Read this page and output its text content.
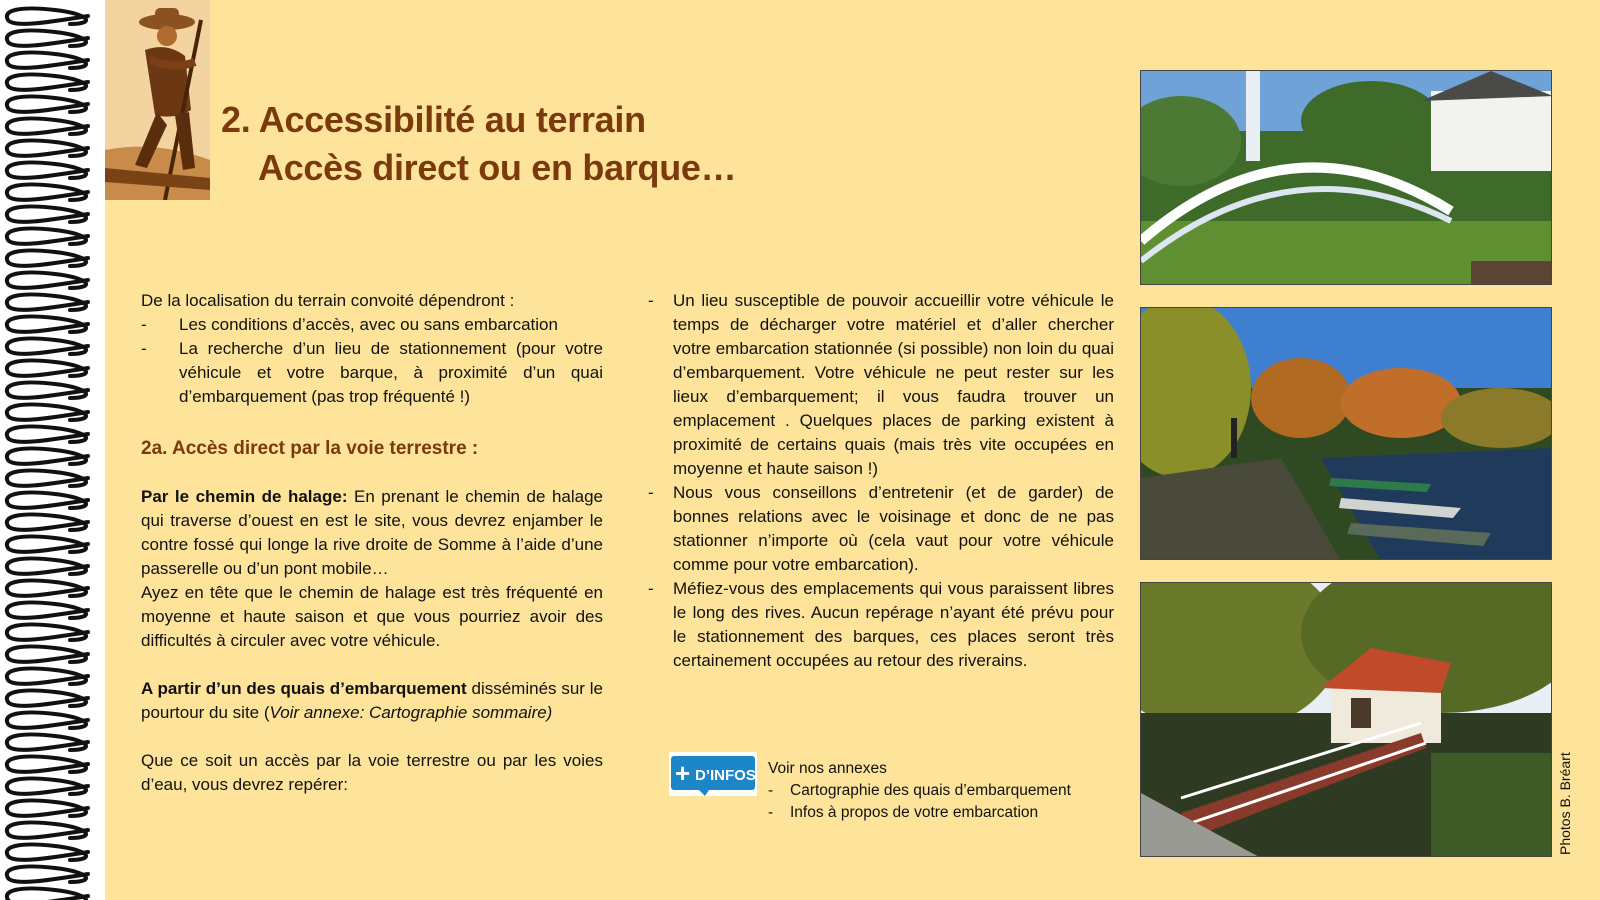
2. Accessibilité au terrain

Accès direct ou en barque…
De la localisation du terrain convoité dépendront :
- Les conditions d’accès, avec ou sans embarcation
- La recherche d’un lieu de stationnement (pour votre véhicule et votre barque, à proximité d’un quai d’embarquement (pas trop fréquenté !)
2a. Accès direct par la voie terrestre :
Par le chemin de halage: En prenant le chemin de halage qui traverse d’ouest en est le site, vous devrez enjamber le contre fossé qui longe la rive droite de Somme à l’aide d’une passerelle ou d’un pont mobile…
Ayez en tête que le chemin de halage est très fréquenté en moyenne et haute saison et que vous pourriez avoir des difficultés à circuler avec votre véhicule.
A partir d’un des quais d’embarquement disséminés sur le pourtour du site (Voir annexe: Cartographie sommaire)
Que ce soit un accès par la voie terrestre ou par les voies d’eau, vous devrez repérer:
- Un lieu susceptible de pouvoir accueillir votre véhicule le temps de décharger votre matériel et d’aller chercher votre embarcation stationnée (si possible) non loin du quai d’embarquement. Votre véhicule ne peut rester sur les lieux d’embarquement; il vous faudra trouver un emplacement . Quelques places de parking existent à proximité de certains quais (mais très vite occupées en moyenne et haute saison !)
- Nous vous conseillons d’entretenir (et de garder) de bonnes relations avec le voisinage et donc de ne pas stationner n’importe où (cela vaut pour votre véhicule comme pour votre embarcation).
- Méfiez-vous des emplacements qui vous paraissent libres le long des rives. Aucun repérage n’ayant été prévu pour le stationnement des barques, ces places seront très certainement occupées au retour des riverains.
+ D’INFOS Voir nos annexes
- Cartographie des quais d’embarquement
- Infos à propos de votre embarcation	Photos B. Bréart
